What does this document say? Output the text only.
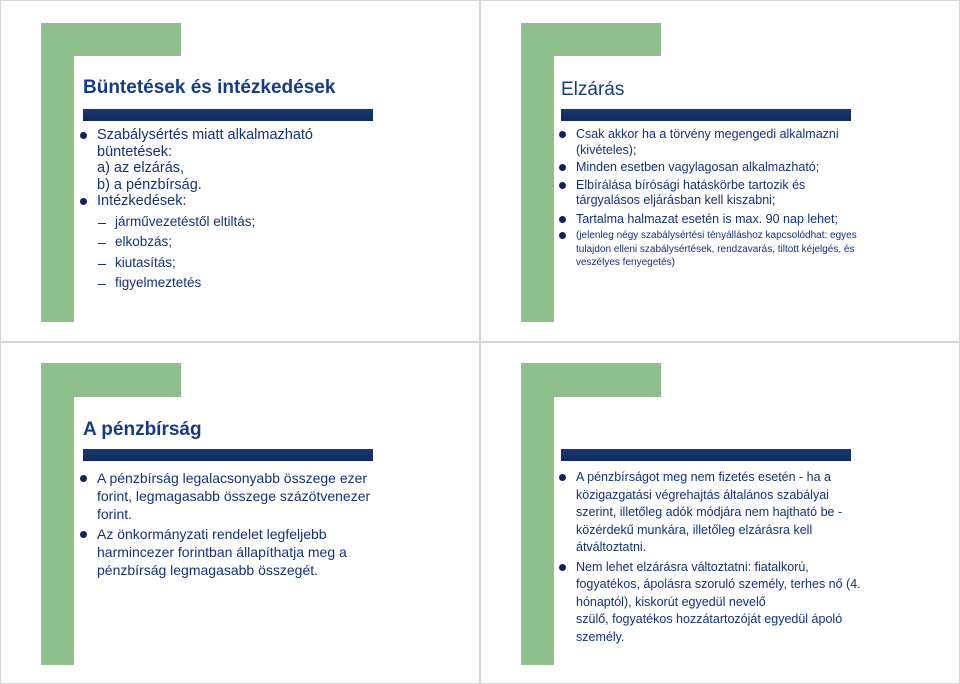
Büntetések és intézkedések
Szabálysértés miatt alkalmazható
büntetések:
a) az elzárás,
b) a pénzbírság.
Intézkedések:
járművezetéstől eltiltás;
elkobzás;
kiutasítás;
figyelmeztetés
Elzárás
Csak akkor ha a törvény megengedi alkalmazni
(kivételes);
Minden esetben vagylagosan alkalmazható;
Elbírálása bírósági hatáskörbe tartozik és
tárgyalásos eljárásban kell kiszabni;
Tartalma halmazat esetén is max. 90 nap lehet;
(jelenleg négy szabálysértési tényálláshoz kapcsolódhat: egyes
tulajdon elleni szabálysértések, rendzavarás, tiltott kéjelgés, és
veszélyes fenyegetés)
A pénzbírság
A pénzbírság legalacsonyabb összege ezer
forint, legmagasabb összege százötvenezer
forint.
Az önkormányzati rendelet legfeljebb
harmincezer forintban állapíthatja meg a
pénzbírság legmagasabb összegét.
A pénzbírságot meg nem fizetés esetén - ha a
közigazgatási végrehajtás általános szabályai
szerint, illetőleg adók módjára nem hajtható be -
közérdekű munkára, illetőleg elzárásra kell
átváltoztatni.
Nem lehet elzárásra változtatni: fiatalkorú,
fogyatékos, ápolásra szoruló személy, terhes nő (4.
hónaptól), kiskorút egyedül nevelő
szülő, fogyatékos hozzátartozóját egyedül ápoló
személy.
